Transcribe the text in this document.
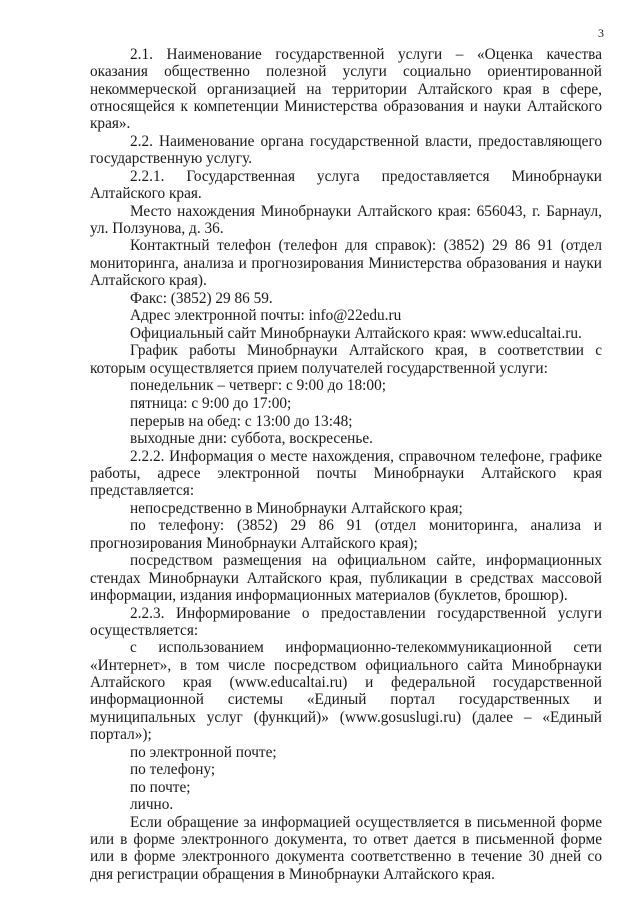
3

2.1. Наименование государственной услуги – «Оценка качества оказания общественно полезной услуги социально ориентированной некоммерческой организацией на территории Алтайского края в сфере, относящейся к компетенции Министерства образования и науки Алтайского края».

2.2. Наименование органа государственной власти, предоставляющего государственную услугу.

2.2.1. Государственная услуга предоставляется Минобрнауки Алтайского края.

Место нахождения Минобрнауки Алтайского края: 656043, г. Барнаул, ул. Ползунова, д. 36.

Контактный телефон (телефон для справок): (3852) 29 86 91 (отдел мониторинга, анализа и прогнозирования Министерства образования и науки Алтайского края).

Факс: (3852) 29 86 59.

Адрес электронной почты: info@22edu.ru

Официальный сайт Минобрнауки Алтайского края: www.educaltai.ru.

График работы Минобрнауки Алтайского края, в соответствии с которым осуществляется прием получателей государственной услуги:

понедельник – четверг: с 9:00 до 18:00;

пятница: с 9:00 до 17:00;

перерыв на обед: с 13:00 до 13:48;

выходные дни: суббота, воскресенье.

2.2.2. Информация о месте нахождения, справочном телефоне, графике работы, адресе электронной почты Минобрнауки Алтайского края представляется:

непосредственно в Минобрнауки Алтайского края;

по телефону: (3852) 29 86 91 (отдел мониторинга, анализа и прогнозирования Минобрнауки Алтайского края);

посредством размещения на официальном сайте, информационных стендах Минобрнауки Алтайского края, публикации в средствах массовой информации, издания информационных материалов (буклетов, брошюр).

2.2.3. Информирование о предоставлении государственной услуги осуществляется:

с использованием информационно-телекоммуникационной сети «Интернет», в том числе посредством официального сайта Минобрнауки Алтайского края (www.educaltai.ru) и федеральной государственной информационной системы «Единый портал государственных и муниципальных услуг (функций)» (www.gosuslugi.ru) (далее – «Единый портал»);

по электронной почте;

по телефону;

по почте;

лично.

Если обращение за информацией осуществляется в письменной форме или в форме электронного документа, то ответ дается в письменной форме или в форме электронного документа соответственно в течение 30 дней со дня регистрации обращения в Минобрнауки Алтайского края.
